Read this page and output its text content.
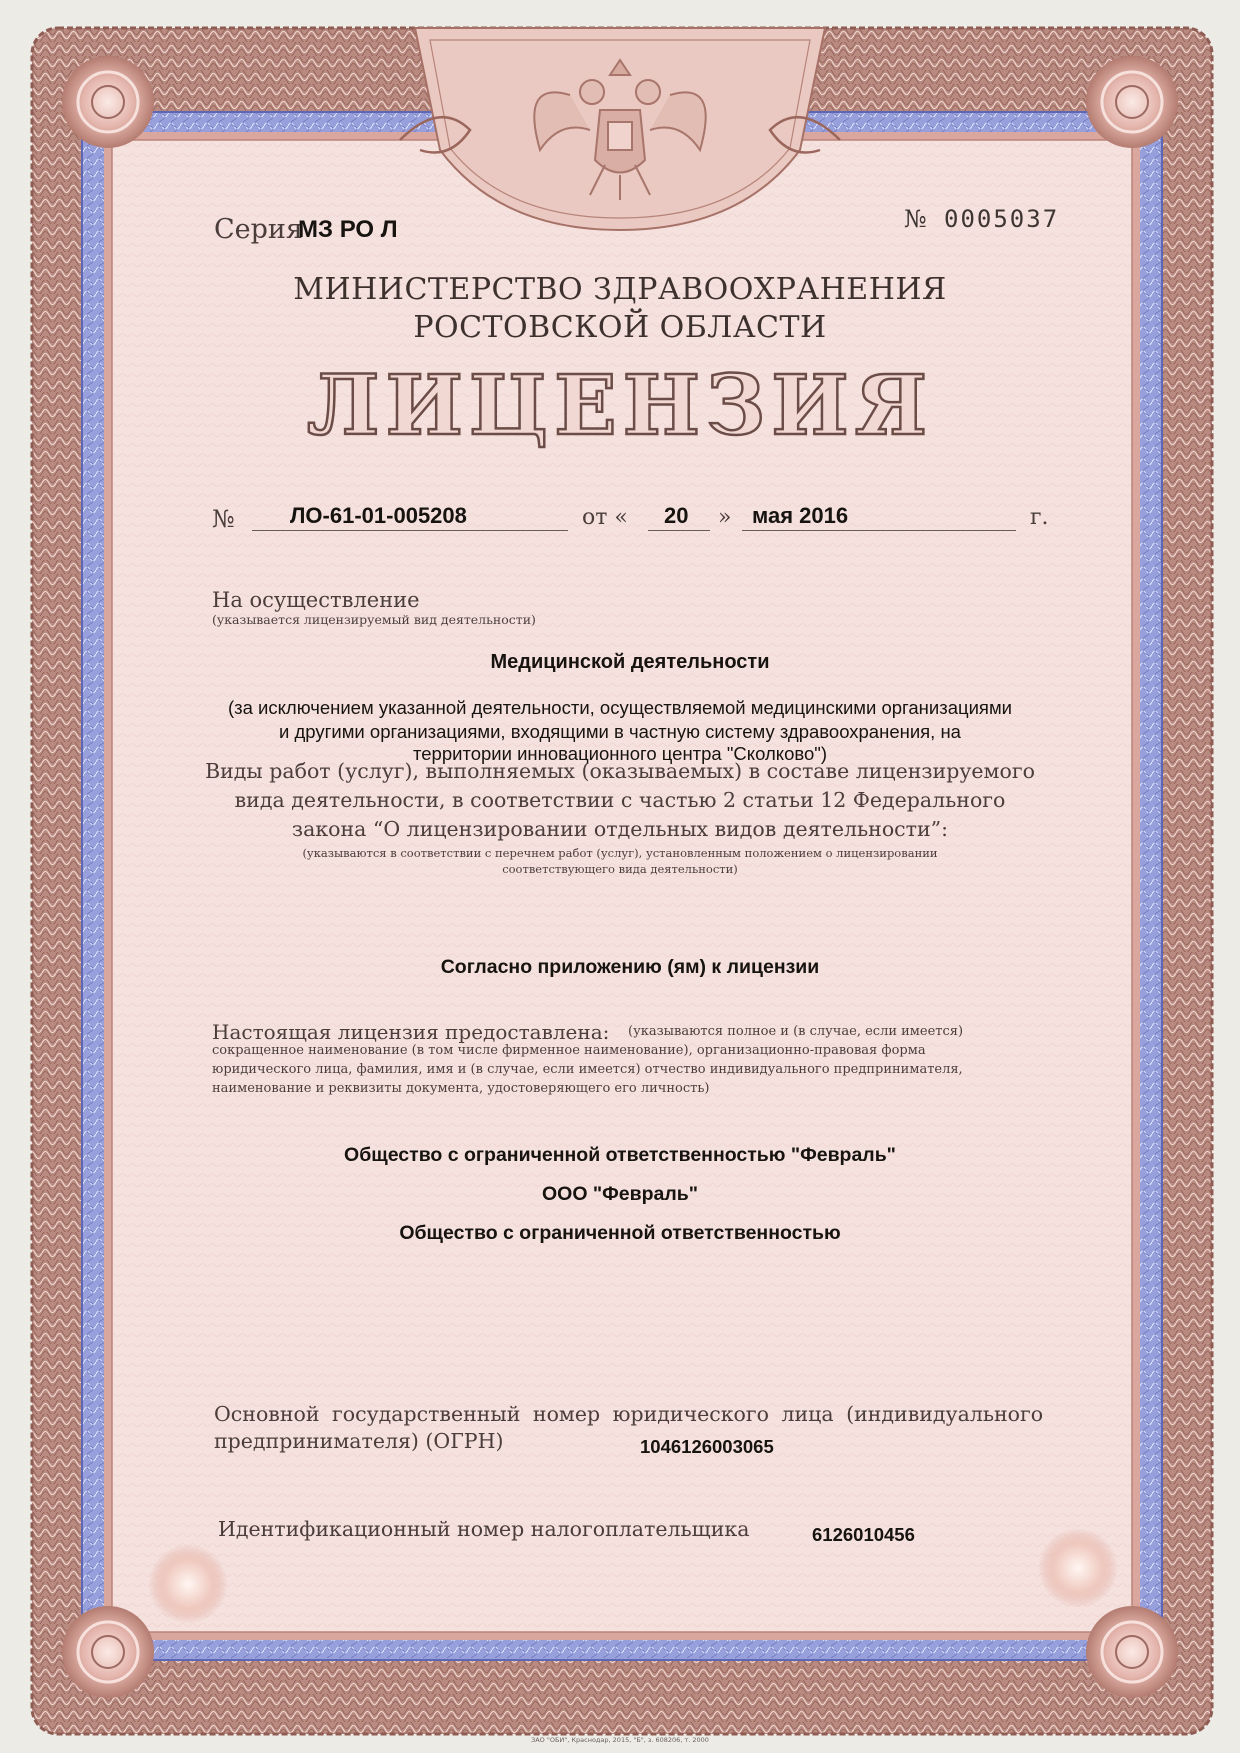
Серия
МЗ РО Л	№ 0005037
МИНИСТЕРСТВО ЗДРАВООХРАНЕНИЯ
РОСТОВСКОЙ ОБЛАСТИ
ЛИЦЕНЗИЯ
№	ЛО-61-01-005208	от « 20 » мая 2016	г.
На осуществление
(указывается лицензируемый вид деятельности)
Медицинской деятельности
(за исключением указанной деятельности, осуществляемой медицинскими организациями
и другими организациями, входящими в частную систему здравоохранения, на
территории инновационного центра "Сколково")
Виды работ (услуг), выполняемых (оказываемых) в составе лицензируемого
вида деятельности, в соответствии с частью 2 статьи 12 Федерального
закона “О лицензировании отдельных видов деятельности”:
(указываются в соответствии с перечнем работ (услуг), установленным положением о лицензировании
соответствующего вида деятельности)
Согласно приложению (ям) к лицензии
Настоящая лицензия предоставлена: (указываются полное и (в случае, если имеется)
сокращенное наименование (в том числе фирменное наименование), организационно-правовая форма
юридического лица, фамилия, имя и (в случае, если имеется) отчество индивидуального предпринимателя,
наименование и реквизиты документа, удостоверяющего его личность)
Общество с ограниченной ответственностью "Февраль"
ООО "Февраль"
Общество с ограниченной ответственностью
Основной государственный номер юридического лица (индивидуального
предпринимателя) (ОГРН)	1046126003065
Идентификационный номер налогоплательщика	6126010456
ЗАО "ОБИ", Краснодар, 2015, "Б", з. 608206, т. 2000
